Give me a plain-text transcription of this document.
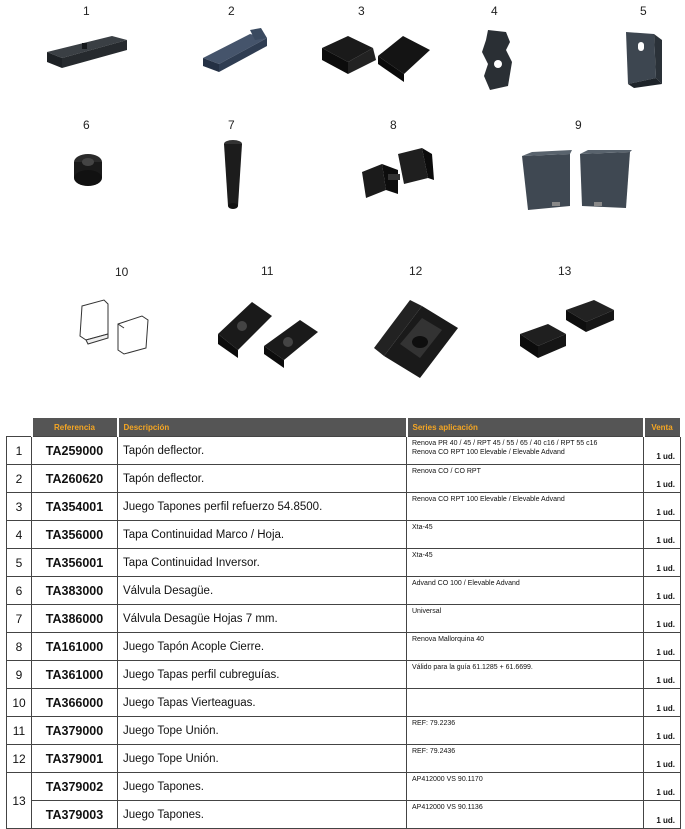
1	2	3	4	5
6	7	8	9
10	11	12	13
	Referencia	Descripción	Series aplicación	Venta
1	TA259000	Tapón deflector.	Renova PR 40 / 45 / RPT 45 / 55 / 65 / 40 c16 / RPT 55 c16
Renova CO RPT 100 Elevable / Elevable Advand	1 ud.
2	TA260620	Tapón deflector.	Renova CO / CO RPT	1 ud.
3	TA354001	Juego Tapones perfil refuerzo 54.8500.	Renova CO RPT 100 Elevable / Elevable Advand	1 ud.
4	TA356000	Tapa Continuidad Marco / Hoja.	Xta-45	1 ud.
5	TA356001	Tapa Continuidad Inversor.	Xta-45	1 ud.
6	TA383000	Válvula Desagüe.	Advand CO 100 / Elevable Advand	1 ud.
7	TA386000	Válvula Desagüe Hojas 7 mm.	Universal	1 ud.
8	TA161000	Juego Tapón Acople Cierre.	Renova Mallorquina 40	1 ud.
9	TA361000	Juego Tapas perfil cubreguías.	Válido para la guía 61.1285 + 61.6699.	1 ud.
10	TA366000	Juego Tapas Vierteaguas.		1 ud.
11	TA379000	Juego Tope Unión.	REF: 79.2236	1 ud.
12	TA379001	Juego Tope Unión.	REF: 79.2436	1 ud.
13	TA379002	Juego Tapones.	AP412000 VS 90.1170	1 ud.
	TA379003	Juego Tapones.	AP412000 VS 90.1136	1 ud.
